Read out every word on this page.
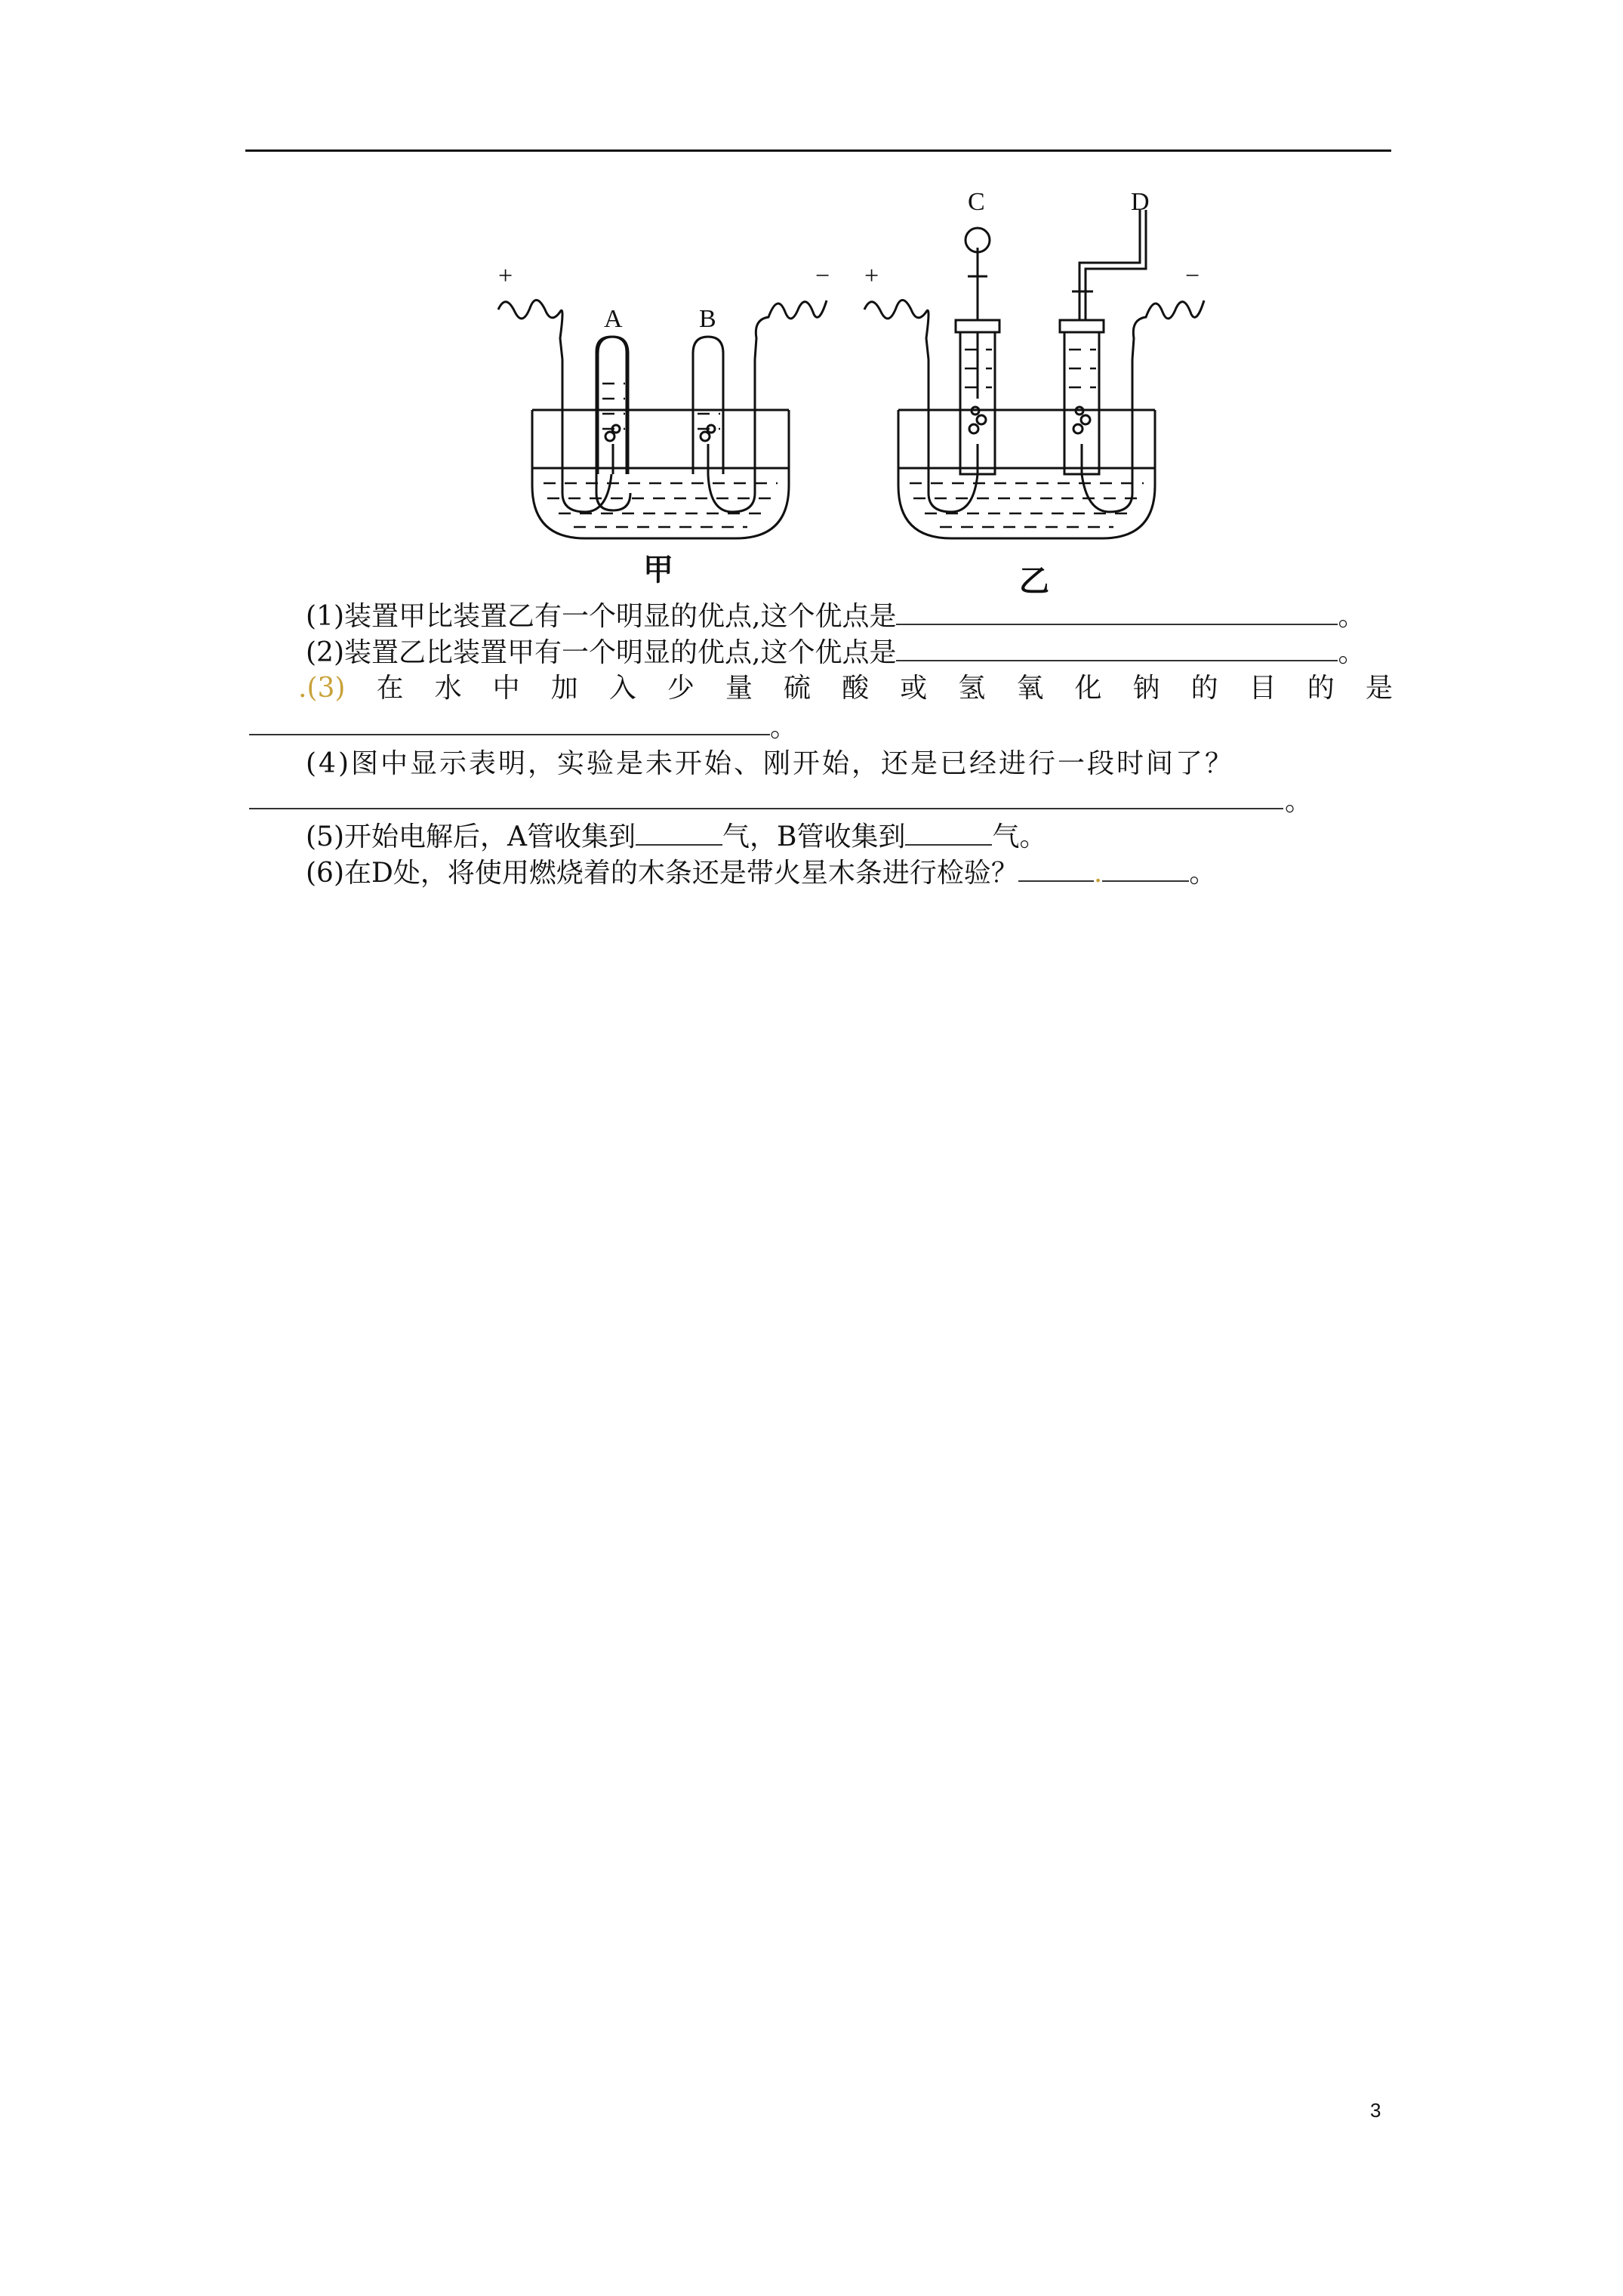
+	−
A	B
+	−
C	D
甲	乙
(1)装置甲比装置乙有一个明显的优点,这个优点是	。
(2)装置乙比装置甲有一个明显的优点,这个优点是	。
.(3) 在 水 中 加 入 少 量 硫 酸 或 氢 氧 化 钠 的 目 的 是
。
(4)图中显示表明，实验是未开始、刚开始，还是已经进行一段时间了？
。
(5)开始电解后，A管收集到	气，B管收集到	气。
(6)在D处，将使用燃烧着的木条还是带火星木条进行检验？	.	。
3
